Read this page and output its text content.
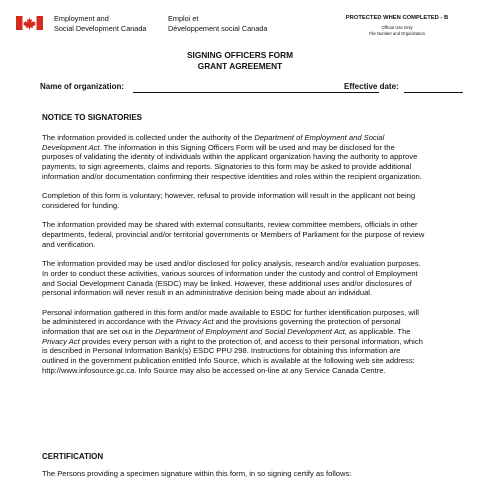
Employment and
Social Development Canada
Emploi et
Développement social Canada
PROTECTED WHEN COMPLETED - B
Official Use Only
File Number and Organization
SIGNING OFFICERS FORM
GRANT AGREEMENT
Name of organization:	Effective date:
NOTICE TO SIGNATORIES

The information provided is collected under the authority of the Department of Employment and Social Development Act. The information in this Signing Officers Form will be used and may be disclosed for the purposes of validating the identity of individuals within the applicant organization having the authority to approve payments, to sign agreements, claims and reports. Signatories to this form may be asked to provide additional information and/or documentation confirming their respective identities and roles within the recipient organization.

Completion of this form is voluntary; however, refusal to provide information will result in the applicant not being considered for funding.

The information provided may be shared with external consultants, review committee members, officials in other departments, federal, provincial and/or territorial governments or Members of Parliament for the purpose of review and verification.

The information provided may be used and/or disclosed for policy analysis, research and/or evaluation purposes. In order to conduct these activities, various sources of information under the custody and control of Employment and Social Development Canada (ESDC) may be linked. However, these additional uses and/or disclosures of personal information will never result in an administrative decision being made about an individual.

Personal information gathered in this form and/or made available to ESDC for further identification purposes, will be administered in accordance with the Privacy Act and the provisions governing the protection of personal information that are set out in the Department of Employment and Social Development Act, as applicable. The Privacy Act provides every person with a right to the protection of, and access to their personal information, which is described in Personal Information Bank(s) ESDC PPU 298. Instructions for obtaining this information are outlined in the government publication entitled Info Source, which is available at the following web site address: http://www.infosource.gc.ca. Info Source may also be accessed on-line at any Service Canada Centre.

CERTIFICATION
The Persons providing a specimen signature within this form, in so signing certify as follows:
